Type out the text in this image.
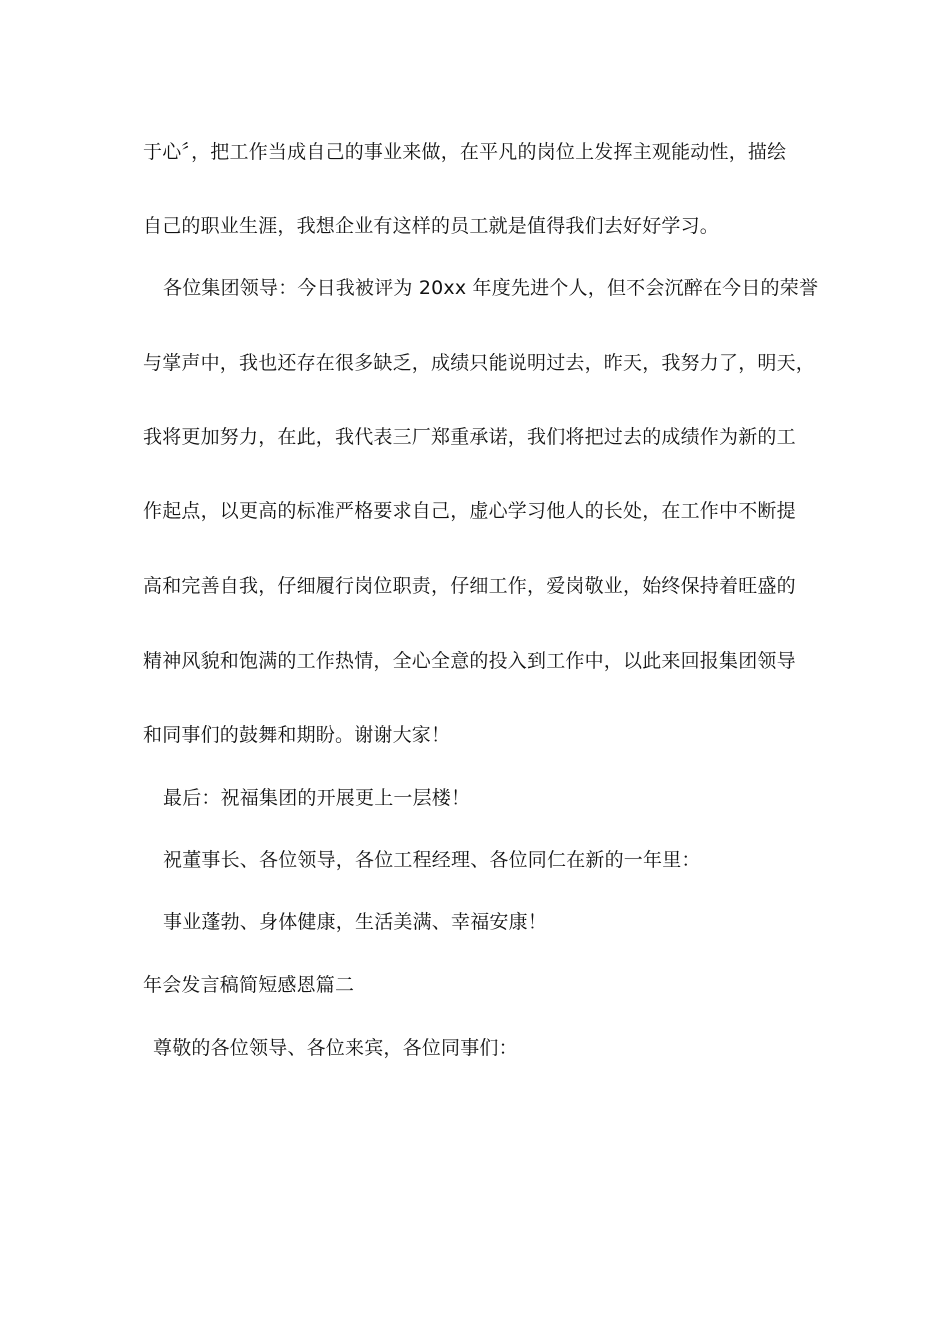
于心〞，把工作当成自己的事业来做，在平凡的岗位上发挥主观能动性，描绘
自己的职业生涯，我想企业有这样的员工就是值得我们去好好学习。
各位集团领导：今日我被评为 20xx 年度先进个人，但不会沉醉在今日的荣誉
与掌声中，我也还存在很多缺乏，成绩只能说明过去，昨天，我努力了，明天，
我将更加努力，在此，我代表三厂郑重承诺，我们将把过去的成绩作为新的工
作起点，以更高的标准严格要求自己，虚心学习他人的长处，在工作中不断提
高和完善自我，仔细履行岗位职责，仔细工作，爱岗敬业，始终保持着旺盛的
精神风貌和饱满的工作热情，全心全意的投入到工作中，以此来回报集团领导
和同事们的鼓舞和期盼。谢谢大家！
最后：祝福集团的开展更上一层楼！
祝董事长、各位领导，各位工程经理、各位同仁在新的一年里：
事业蓬勃、身体健康，生活美满、幸福安康！
年会发言稿简短感恩篇二
尊敬的各位领导、各位来宾，各位同事们：
